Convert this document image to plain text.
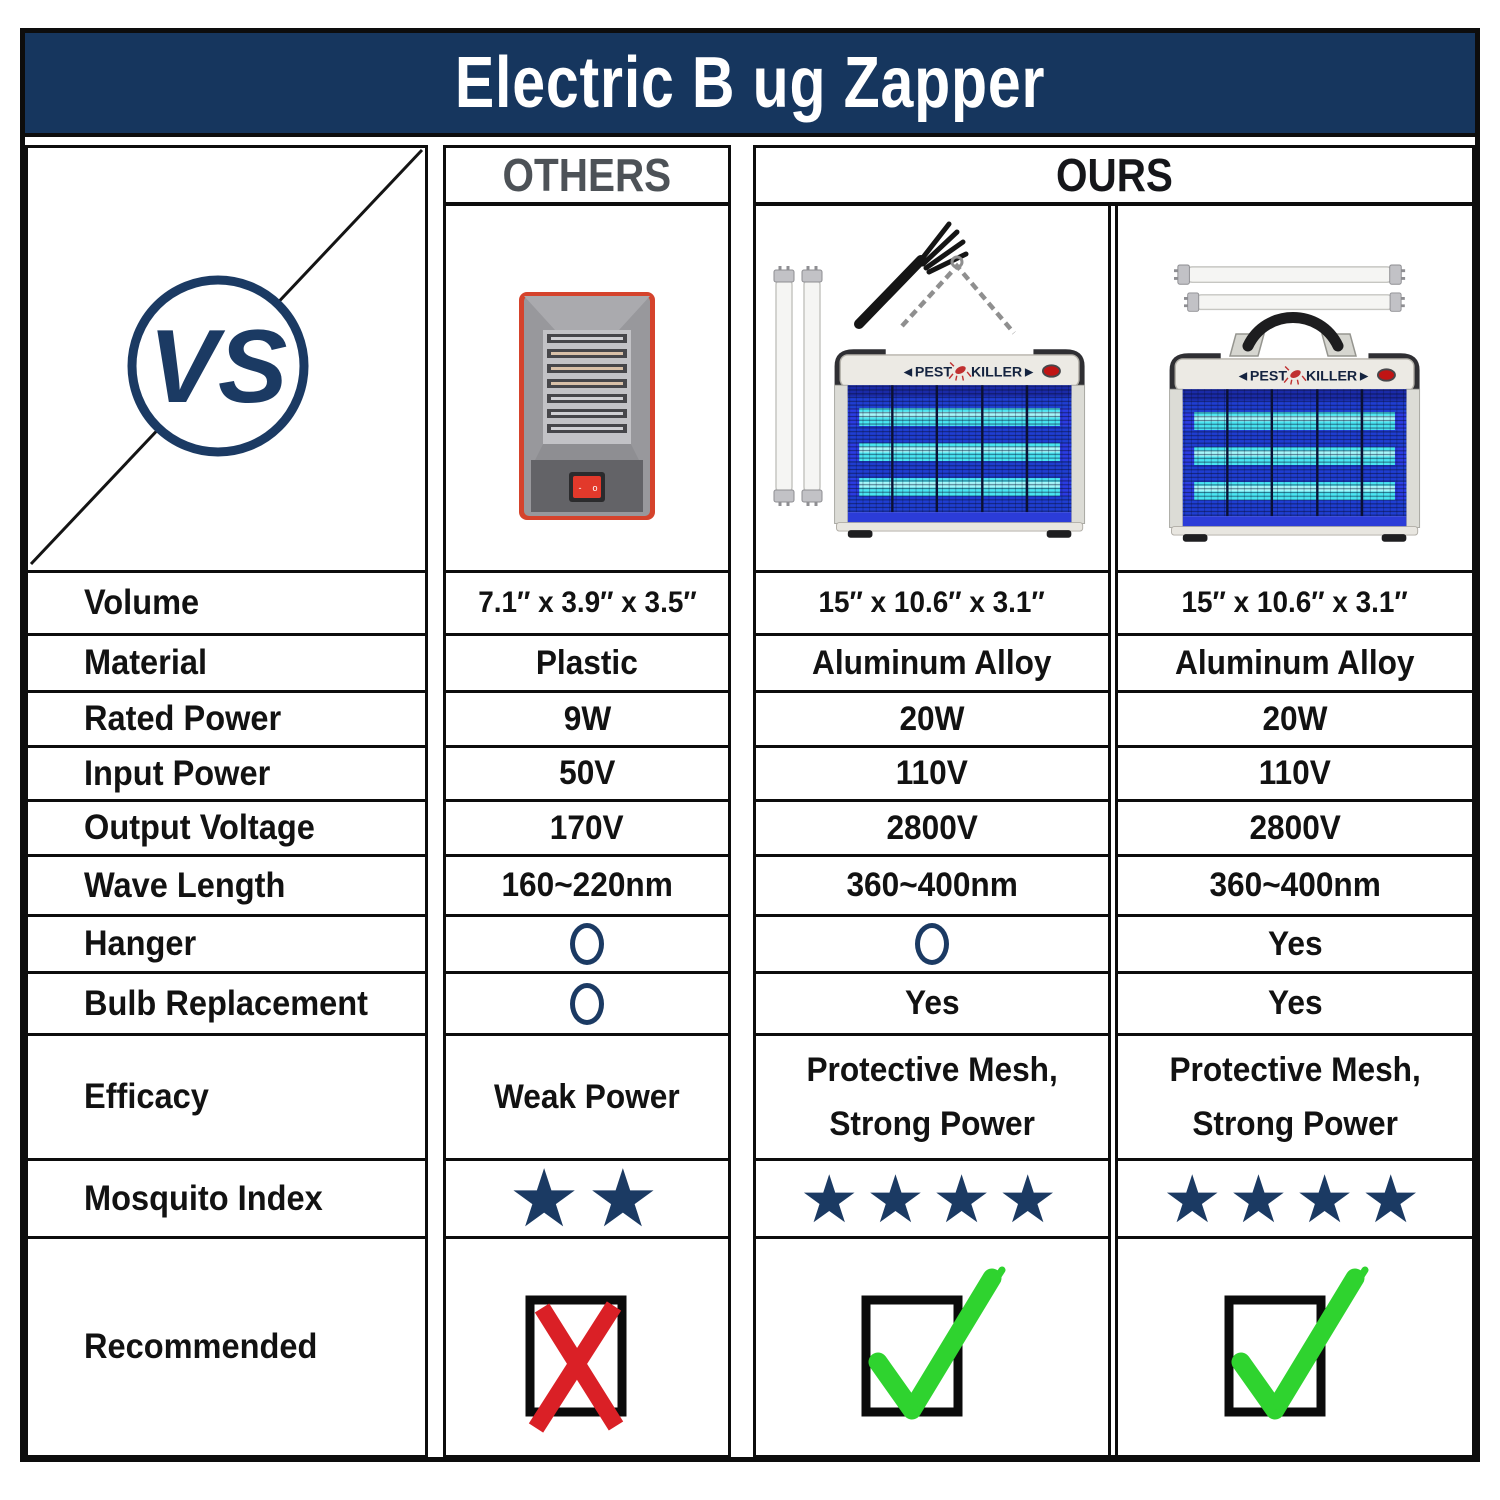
Electric B ug Zapper
VS
Volume
Material
Rated Power
Input Power
Output Voltage
Wave Length
Hanger
Bulb Replacement
Efficacy
Mosquito Index
Recommended
OTHERS
- o
7.1″ x 3.9″ x 3.5″
Plastic
9W
50V
170V
160~220nm
Weak Power
★★
OURS
15″ x 10.6″ x 3.1″
Aluminum Alloy
20W
110V
2800V
360~400nm
Yes
Protective Mesh,
Strong Power
★★★★
15″ x 10.6″ x 3.1″
Aluminum Alloy
20W
110V
2800V
360~400nm
Yes
Yes
Protective Mesh,
Strong Power
★★★★
